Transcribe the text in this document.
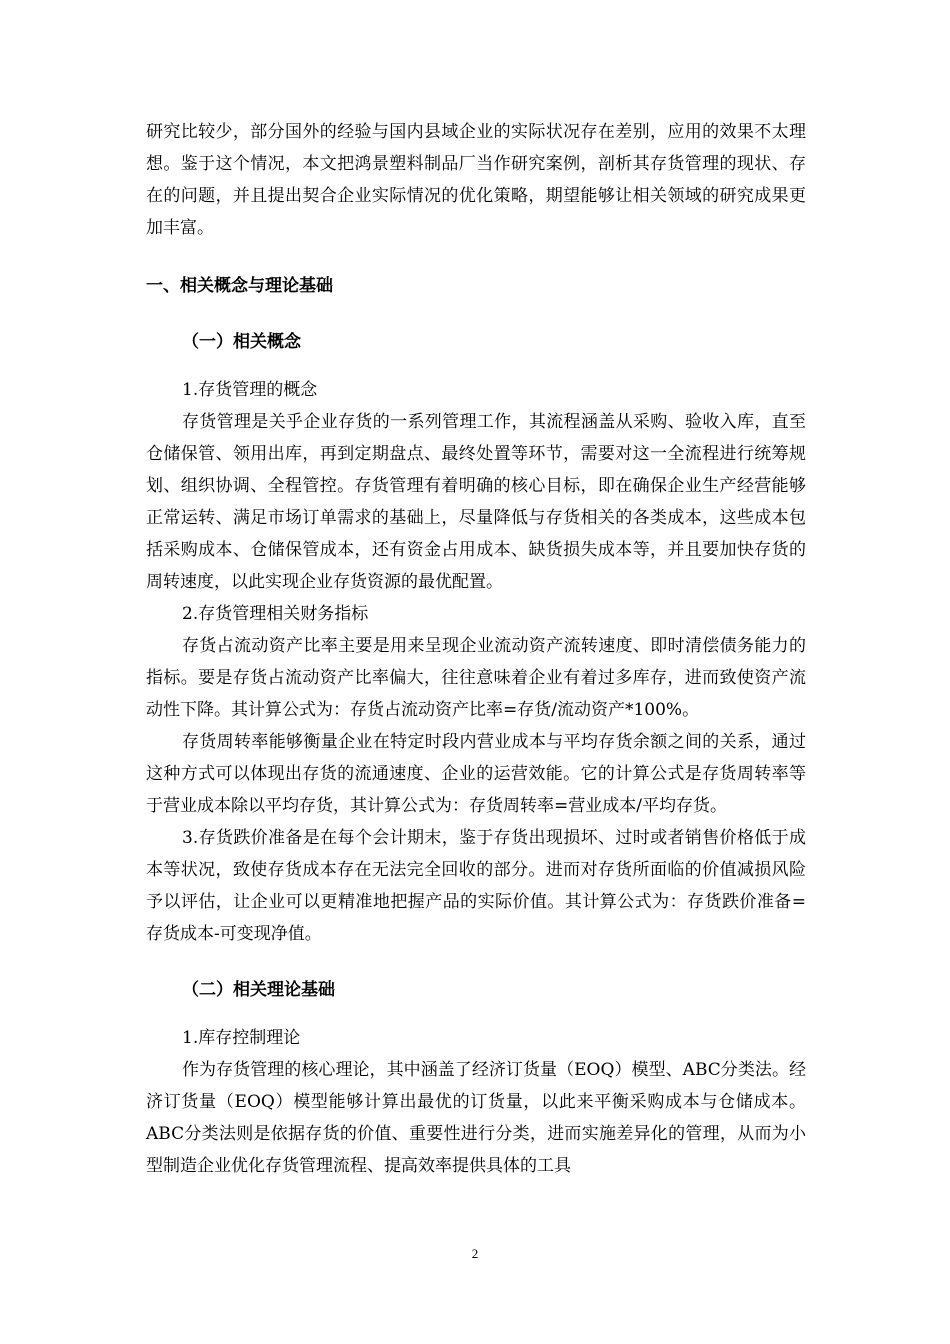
研究比较少，部分国外的经验与国内县域企业的实际状况存在差别，应用的效果不太理想。鉴于这个情况，本文把鸿景塑料制品厂当作研究案例，剖析其存货管理的现状、存在的问题，并且提出契合企业实际情况的优化策略，期望能够让相关领域的研究成果更加丰富。

一、相关概念与理论基础

（一）相关概念

1.存货管理的概念

存货管理是关乎企业存货的一系列管理工作，其流程涵盖从采购、验收入库，直至仓储保管、领用出库，再到定期盘点、最终处置等环节，需要对这一全流程进行统筹规划、组织协调、全程管控。存货管理有着明确的核心目标，即在确保企业生产经营能够正常运转、满足市场订单需求的基础上，尽量降低与存货相关的各类成本，这些成本包括采购成本、仓储保管成本，还有资金占用成本、缺货损失成本等，并且要加快存货的周转速度，以此实现企业存货资源的最优配置。

2.存货管理相关财务指标

存货占流动资产比率主要是用来呈现企业流动资产流转速度、即时清偿债务能力的指标。要是存货占流动资产比率偏大，往往意味着企业有着过多库存，进而致使资产流动性下降。其计算公式为：存货占流动资产比率=存货/流动资产*100%。

存货周转率能够衡量企业在特定时段内营业成本与平均存货余额之间的关系，通过这种方式可以体现出存货的流通速度、企业的运营效能。它的计算公式是存货周转率等于营业成本除以平均存货，其计算公式为：存货周转率=营业成本/平均存货。

3.存货跌价准备是在每个会计期末，鉴于存货出现损坏、过时或者销售价格低于成本等状况，致使存货成本存在无法完全回收的部分。进而对存货所面临的价值减损风险予以评估，让企业可以更精准地把握产品的实际价值。其计算公式为：存货跌价准备=存货成本-可变现净值。

（二）相关理论基础

1.库存控制理论

作为存货管理的核心理论，其中涵盖了经济订货量（EOQ）模型、ABC分类法。经济订货量（EOQ）模型能够计算出最优的订货量，以此来平衡采购成本与仓储成本。ABC分类法则是依据存货的价值、重要性进行分类，进而实施差异化的管理，从而为小型制造企业优化存货管理流程、提高效率提供具体的工具

2
